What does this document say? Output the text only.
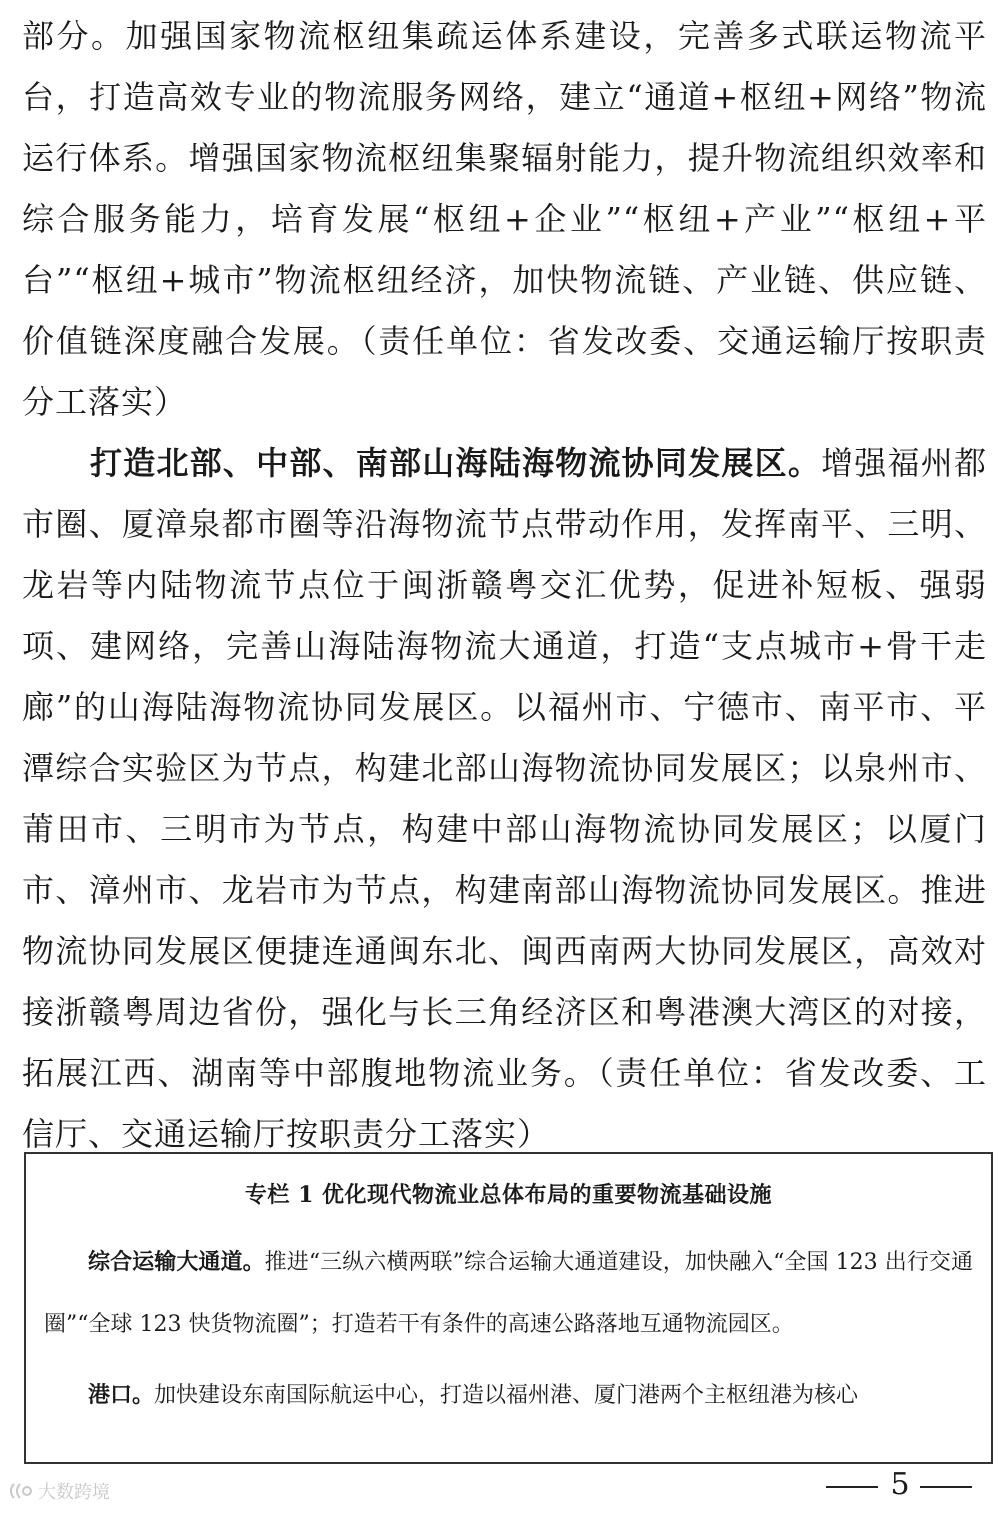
部分。加强国家物流枢纽集疏运体系建设，完善多式联运物流平台，打造高效专业的物流服务网络，建立“通道+枢纽+网络”物流运行体系。增强国家物流枢纽集聚辐射能力，提升物流组织效率和综合服务能力，培育发展“枢纽+企业”“枢纽+产业”“枢纽+平台”“枢纽+城市”物流枢纽经济，加快物流链、产业链、供应链、价值链深度融合发展。（责任单位：省发改委、交通运输厅按职责分工落实）

打造北部、中部、南部山海陆海物流协同发展区。增强福州都市圈、厦漳泉都市圈等沿海物流节点带动作用，发挥南平、三明、龙岩等内陆物流节点位于闽浙赣粤交汇优势，促进补短板、强弱项、建网络，完善山海陆海物流大通道，打造“支点城市+骨干走廊”的山海陆海物流协同发展区。以福州市、宁德市、南平市、平潭综合实验区为节点，构建北部山海物流协同发展区；以泉州市、莆田市、三明市为节点，构建中部山海物流协同发展区；以厦门市、漳州市、龙岩市为节点，构建南部山海物流协同发展区。推进物流协同发展区便捷连通闽东北、闽西南两大协同发展区，高效对接浙赣粤周边省份，强化与长三角经济区和粤港澳大湾区的对接，拓展江西、湖南等中部腹地物流业务。（责任单位：省发改委、工信厅、交通运输厅按职责分工落实）

专栏 1 优化现代物流业总体布局的重要物流基础设施

综合运输大通道。推进“三纵六横两联”综合运输大通道建设，加快融入“全国 123 出行交通圈”“全球 123 快货物流圈”；打造若干有条件的高速公路落地互通物流园区。

港口。加快建设东南国际航运中心，打造以福州港、厦门港两个主枢纽港为核心

5
大数跨境
